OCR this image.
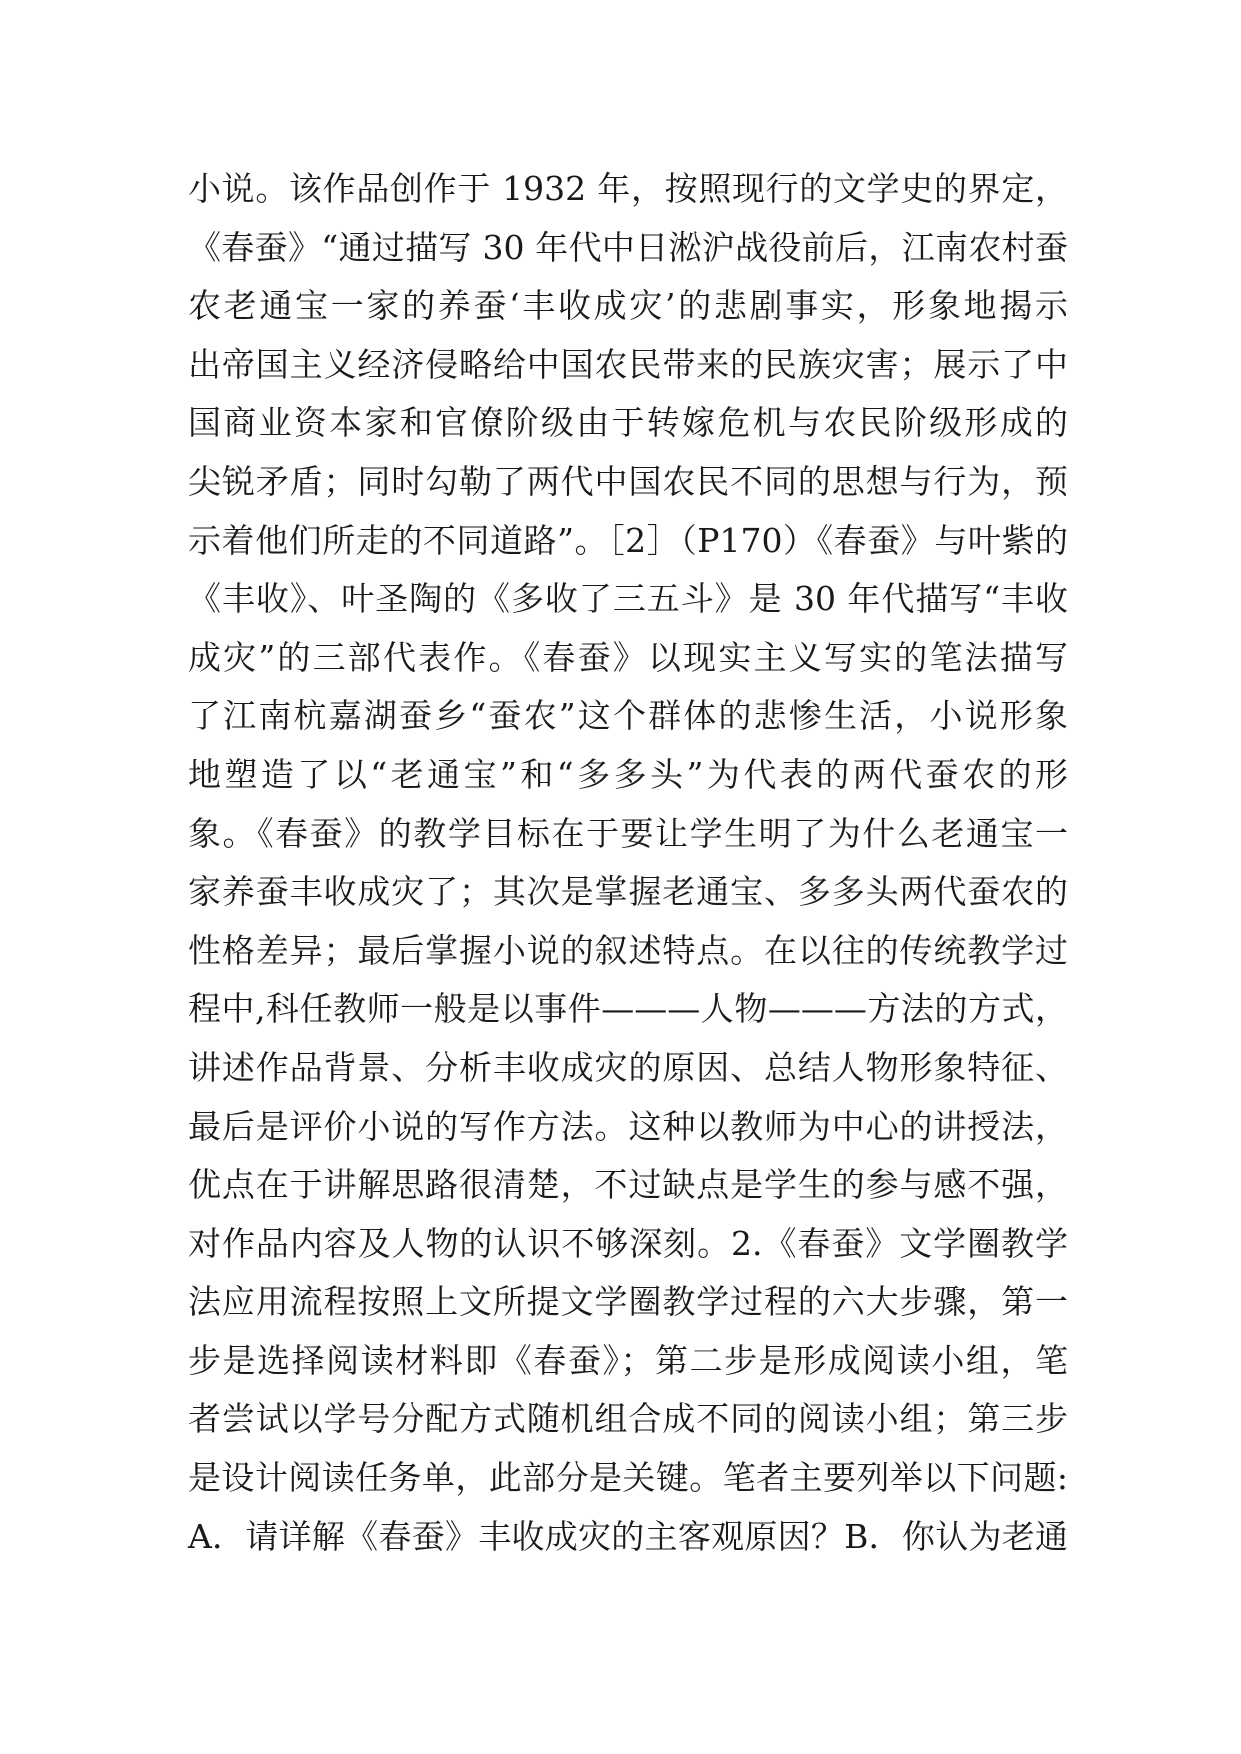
小说。该作品创作于 1932 年，按照现行的文学史的界定，
《春蚕》“通过描写 30 年代中日淞沪战役前后，江南农村蚕
农老通宝一家的养蚕‘丰收成灾’的悲剧事实，形象地揭示
出帝国主义经济侵略给中国农民带来的民族灾害；展示了中
国商业资本家和官僚阶级由于转嫁危机与农民阶级形成的
尖锐矛盾；同时勾勒了两代中国农民不同的思想与行为，预
示着他们所走的不同道路”。［2］（P170）《春蚕》与叶紫的
《丰收》、叶圣陶的《多收了三五斗》是 30 年代描写“丰收
成灾”的三部代表作。《春蚕》以现实主义写实的笔法描写
了江南杭嘉湖蚕乡“蚕农”这个群体的悲惨生活，小说形象
地塑造了以“老通宝”和“多多头”为代表的两代蚕农的形
象。《春蚕》的教学目标在于要让学生明了为什么老通宝一
家养蚕丰收成灾了；其次是掌握老通宝、多多头两代蚕农的
性格差异；最后掌握小说的叙述特点。在以往的传统教学过
程中,科任教师一般是以事件———人物———方法的方式，
讲述作品背景、分析丰收成灾的原因、总结人物形象特征、
最后是评价小说的写作方法。这种以教师为中心的讲授法，
优点在于讲解思路很清楚，不过缺点是学生的参与感不强，
对作品内容及人物的认识不够深刻。2.《春蚕》文学圈教学
法应用流程按照上文所提文学圈教学过程的六大步骤，第一
步是选择阅读材料即《春蚕》；第二步是形成阅读小组，笔
者尝试以学号分配方式随机组合成不同的阅读小组；第三步
是设计阅读任务单，此部分是关键。笔者主要列举以下问题:
A．请详解《春蚕》丰收成灾的主客观原因？B．你认为老通
